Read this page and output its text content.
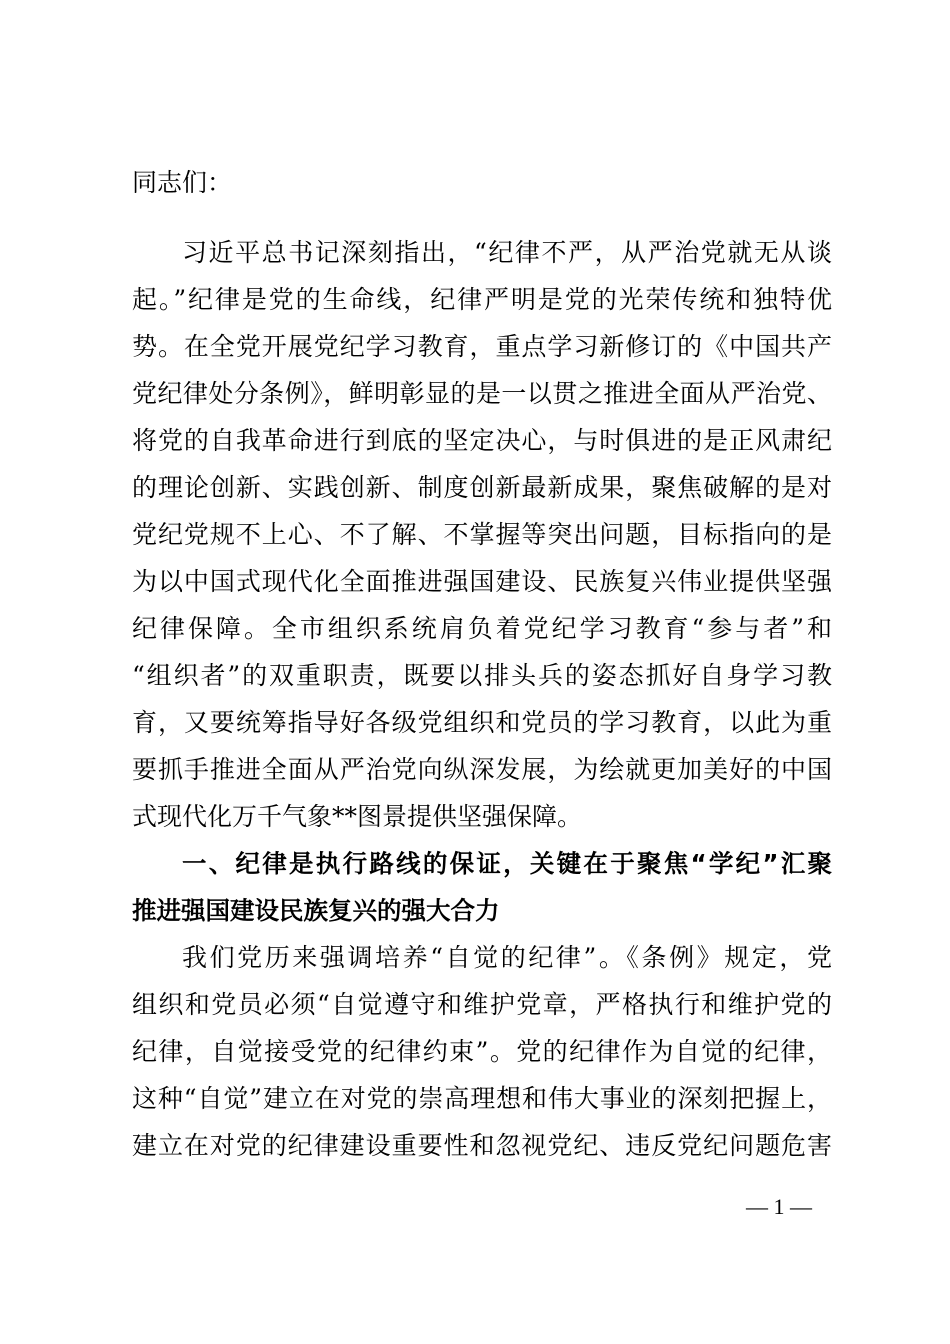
同志们：
习近平总书记深刻指出，“纪律不严，从严治党就无从谈
起。”纪律是党的生命线，纪律严明是党的光荣传统和独特优
势。在全党开展党纪学习教育，重点学习新修订的《中国共产
党纪律处分条例》，鲜明彰显的是一以贯之推进全面从严治党、
将党的自我革命进行到底的坚定决心，与时俱进的是正风肃纪
的理论创新、实践创新、制度创新最新成果，聚焦破解的是对
党纪党规不上心、不了解、不掌握等突出问题，目标指向的是
为以中国式现代化全面推进强国建设、民族复兴伟业提供坚强
纪律保障。全市组织系统肩负着党纪学习教育“参与者”和
“组织者”的双重职责，既要以排头兵的姿态抓好自身学习教
育，又要统筹指导好各级党组织和党员的学习教育，以此为重
要抓手推进全面从严治党向纵深发展，为绘就更加美好的中国
式现代化万千气象**图景提供坚强保障。
一、纪律是执行路线的保证，关键在于聚焦“学纪”汇聚
推进强国建设民族复兴的强大合力
我们党历来强调培养“自觉的纪律”。《条例》规定，党
组织和党员必须“自觉遵守和维护党章，严格执行和维护党的
纪律，自觉接受党的纪律约束”。党的纪律作为自觉的纪律，
这种“自觉”建立在对党的崇高理想和伟大事业的深刻把握上，
建立在对党的纪律建设重要性和忽视党纪、违反党纪问题危害
— 1 —
